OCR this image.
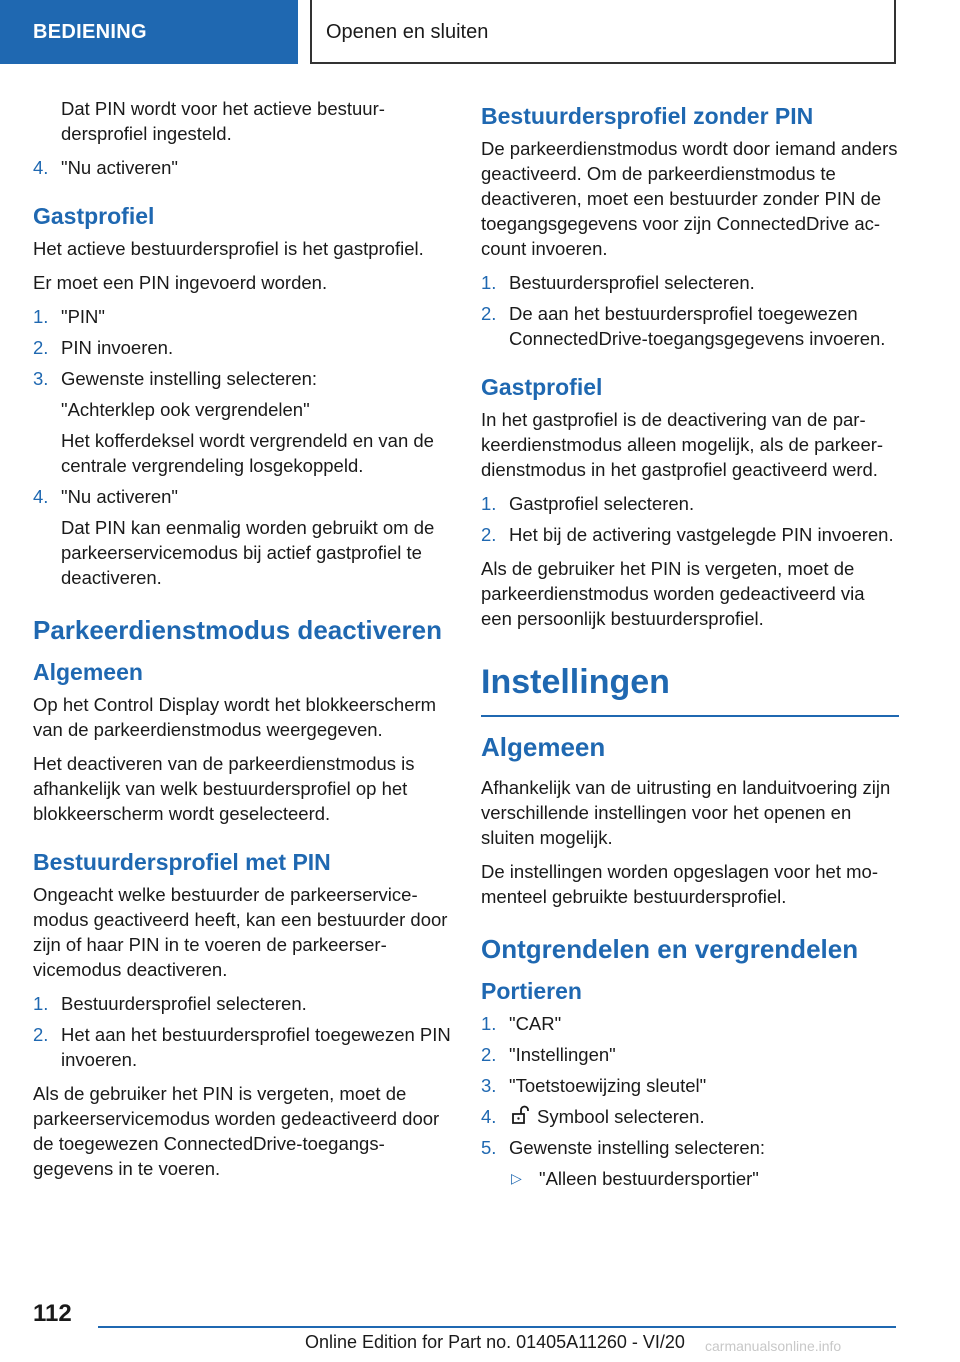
BEDIENING	Openen en sluiten

Dat PIN wordt voor het actieve bestuurdersprofiel ingesteld.

4. "Nu activeren"
Gastprofiel

Het actieve bestuurdersprofiel is het gastprofiel.

Er moet een PIN ingevoerd worden.

1. "PIN"
2. PIN invoeren.
3. Gewenste instelling selecteren:

"Achterklep ook vergrendelen"

Het kofferdeksel wordt vergrendeld en van de centrale vergrendeling losgekoppeld.

4. "Nu activeren"

Dat PIN kan eenmalig worden gebruikt om de parkeerservicemodus bij actief gastprofiel te deactiveren.

Parkeerdienstmodus deactiveren
Algemeen

Op het Control Display wordt het blokkeerscherm van de parkeerdienstmodus weergegeven.

Het deactiveren van de parkeerdienstmodus is afhankelijk van welk bestuurdersprofiel op het blokkeerscherm wordt geselecteerd.

Bestuurdersprofiel met PIN

Ongeacht welke bestuurder de parkeerservicemodus geactiveerd heeft, kan een bestuurder door zijn of haar PIN in te voeren de parkeerservicemodus deactiveren.

1. Bestuurdersprofiel selecteren.
2. Het aan het bestuurdersprofiel toegewezen PIN invoeren.

Als de gebruiker het PIN is vergeten, moet de parkeerservicemodus worden gedeactiveerd door de toegewezen ConnectedDrive-toegangsgegevens in te voeren.

Bestuurdersprofiel zonder PIN

De parkeerdienstmodus wordt door iemand anders geactiveerd. Om de parkeerdienstmodus te deactiveren, moet een bestuurder zonder PIN de toegangsgegevens voor zijn ConnectedDrive account invoeren.

1. Bestuurdersprofiel selecteren.
2. De aan het bestuurdersprofiel toegewezen ConnectedDrive-toegangsgegevens invoeren.
Gastprofiel

In het gastprofiel is de deactivering van de parkeerdienstmodus alleen mogelijk, als de parkeerdienstmodus in het gastprofiel geactiveerd werd.

1. Gastprofiel selecteren.
2. Het bij de activering vastgelegde PIN invoeren.

Als de gebruiker het PIN is vergeten, moet de parkeerdienstmodus worden gedeactiveerd via een persoonlijk bestuurdersprofiel.

Instellingen
Algemeen

Afhankelijk van de uitrusting en landuitvoering zijn verschillende instellingen voor het openen en sluiten mogelijk.

De instellingen worden opgeslagen voor het momenteel gebruikte bestuurdersprofiel.

Ontgrendelen en vergrendelen
Portieren
1. "CAR"
2. "Instellingen"
3. "Toetstoewijzing sleutel"
4. Symbool selecteren.
5. Gewenste instelling selecteren:
▷ "Alleen bestuurdersportier"
112
Online Edition for Part no. 01405A11260 - VI/20 carmanualsonline.info
